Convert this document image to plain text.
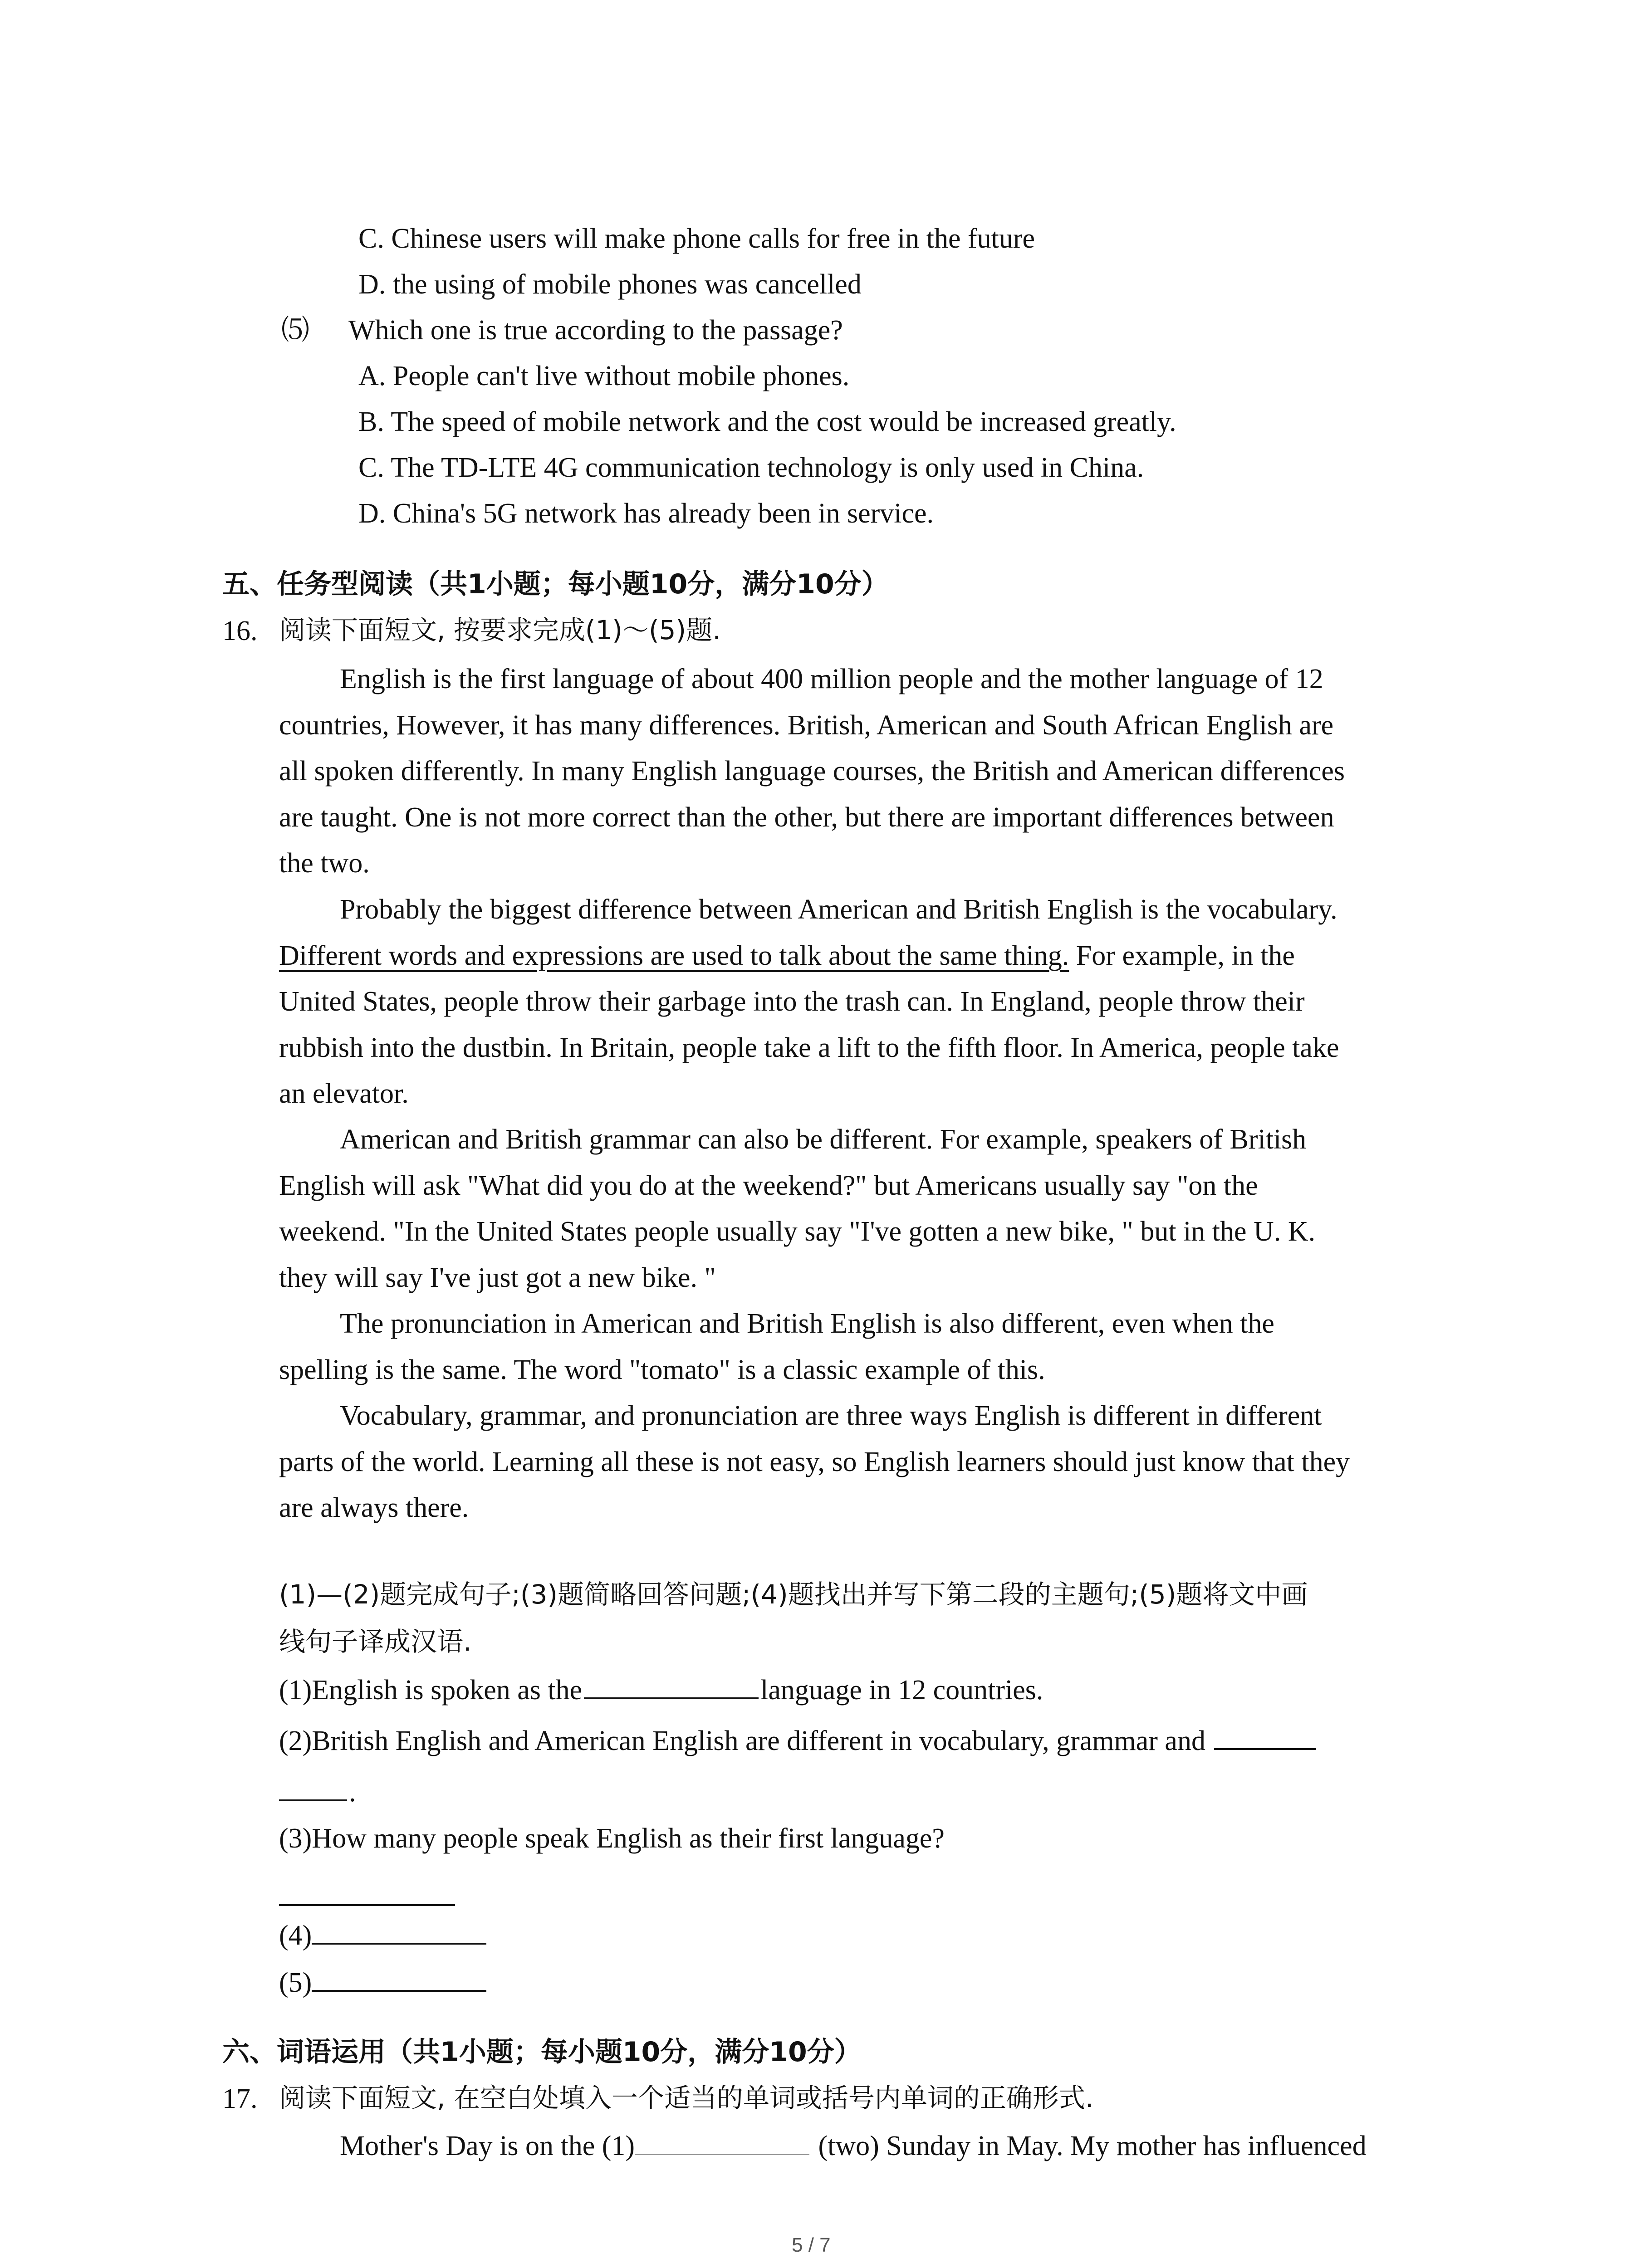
C. Chinese users will make phone calls for free in the future
D. the using of mobile phones was cancelled
⑸ Which one is true according to the passage?
A. People can't live without mobile phones.
B. The speed of mobile network and the cost would be increased greatly.
C. The TD-LTE 4G communication technology is only used in China.
D. China's 5G network has already been in service.
五、任务型阅读（共1小题；每小题10分，满分10分）
16. 阅读下面短文, 按要求完成(1)～(5)题.
English is the first language of about 400 million people and the mother language of 12
countries, However, it has many differences. British, American and South African English are
all spoken differently. In many English language courses, the British and American differences
are taught. One is not more correct than the other, but there are important differences between
the two.
Probably the biggest difference between American and British English is the vocabulary.
Different words and expressions are used to talk about the same thing. For example, in the
United States, people throw their garbage into the trash can. In England, people throw their
rubbish into the dustbin. In Britain, people take a lift to the fifth floor. In America, people take
an elevator.
American and British grammar can also be different. For example, speakers of British
English will ask "What did you do at the weekend?" but Americans usually say "on the
weekend. "In the United States people usually say "I've gotten a new bike, " but in the U. K.
they will say I've just got a new bike. "
The pronunciation in American and British English is also different, even when the
spelling is the same. The word "tomato" is a classic example of this.
Vocabulary, grammar, and pronunciation are three ways English is different in different
parts of the world. Learning all these is not easy, so English learners should just know that they
are always there.
(1)—(2)题完成句子;(3)题简略回答问题;(4)题找出并写下第二段的主题句;(5)题将文中画
线句子译成汉语.
(1)English is spoken as the	language in 12 countries.
(2)British English and American English are different in vocabulary, grammar and
.
(3)How many people speak English as their first language?
(4)
(5)
六、词语运用（共1小题；每小题10分，满分10分）
17. 阅读下面短文, 在空白处填入一个适当的单词或括号内单词的正确形式.
Mother's Day is on the (1)	(two) Sunday in May. My mother has influenced
5 / 7
